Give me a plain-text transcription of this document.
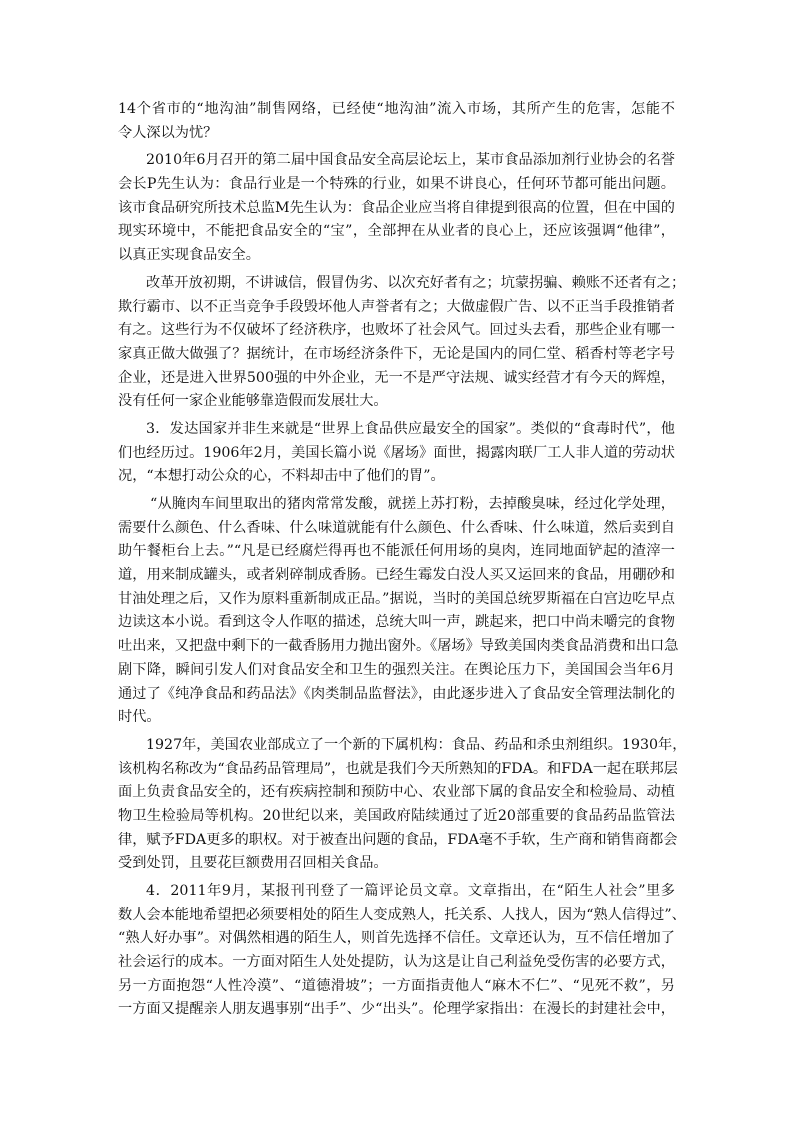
14个省市的“地沟油”制售网络，已经使“地沟油”流入市场，其所产生的危害，怎能不
令人深以为忧？
2010年6月召开的第二届中国食品安全高层论坛上，某市食品添加剂行业协会的名誉
会长P先生认为：食品行业是一个特殊的行业，如果不讲良心，任何环节都可能出问题。
该市食品研究所技术总监M先生认为：食品企业应当将自律提到很高的位置，但在中国的
现实环境中，不能把食品安全的“宝”，全部押在从业者的良心上，还应该强调“他律”，
以真正实现食品安全。
改革开放初期，不讲诚信，假冒伪劣、以次充好者有之；坑蒙拐骗、赖账不还者有之；
欺行霸市、以不正当竞争手段毁坏他人声誉者有之；大做虚假广告、以不正当手段推销者
有之。这些行为不仅破坏了经济秩序，也败坏了社会风气。回过头去看，那些企业有哪一
家真正做大做强了？据统计，在市场经济条件下，无论是国内的同仁堂、稻香村等老字号
企业，还是进入世界500强的中外企业，无一不是严守法规、诚实经营才有今天的辉煌，
没有任何一家企业能够靠造假而发展壮大。
3．发达国家并非生来就是“世界上食品供应最安全的国家”。类似的“食毒时代”，他
们也经历过。1906年2月，美国长篇小说《屠场》面世，揭露肉联厂工人非人道的劳动状
况，“本想打动公众的心，不料却击中了他们的胃”。
“从腌肉车间里取出的猪肉常常发酸，就搓上苏打粉，去掉酸臭味，经过化学处理，
需要什么颜色、什么香味、什么味道就能有什么颜色、什么香味、什么味道，然后卖到自
助午餐柜台上去。”“凡是已经腐烂得再也不能派任何用场的臭肉，连同地面铲起的渣滓一
道，用来制成罐头，或者剁碎制成香肠。已经生霉发白没人买又运回来的食品，用硼砂和
甘油处理之后，又作为原料重新制成正品。”据说，当时的美国总统罗斯福在白宫边吃早点
边读这本小说。看到这令人作呕的描述，总统大叫一声，跳起来，把口中尚未嚼完的食物
吐出来，又把盘中剩下的一截香肠用力抛出窗外。《屠场》导致美国肉类食品消费和出口急
剧下降，瞬间引发人们对食品安全和卫生的强烈关注。在舆论压力下，美国国会当年6月
通过了《纯净食品和药品法》《肉类制品监督法》，由此逐步进入了食品安全管理法制化的
时代。
1927年，美国农业部成立了一个新的下属机构：食品、药品和杀虫剂组织。1930年，
该机构名称改为“食品药品管理局”，也就是我们今天所熟知的FDA。和FDA一起在联邦层
面上负责食品安全的，还有疾病控制和预防中心、农业部下属的食品安全和检验局、动植
物卫生检验局等机构。20世纪以来，美国政府陆续通过了近20部重要的食品药品监管法
律，赋予FDA更多的职权。对于被查出问题的食品，FDA毫不手软，生产商和销售商都会
受到处罚，且要花巨额费用召回相关食品。
4．2011年9月，某报刊刊登了一篇评论员文章。文章指出，在“陌生人社会”里多
数人会本能地希望把必须要相处的陌生人变成熟人，托关系、人找人，因为“熟人信得过”、
“熟人好办事”。对偶然相遇的陌生人，则首先选择不信任。文章还认为，互不信任增加了
社会运行的成本。一方面对陌生人处处提防，认为这是让自己利益免受伤害的必要方式，
另一方面抱怨“人性冷漠”、“道德滑坡”；一方面指责他人“麻木不仁”、“见死不救”，另
一方面又提醒亲人朋友遇事别“出手”、少“出头”。伦理学家指出：在漫长的封建社会中，
